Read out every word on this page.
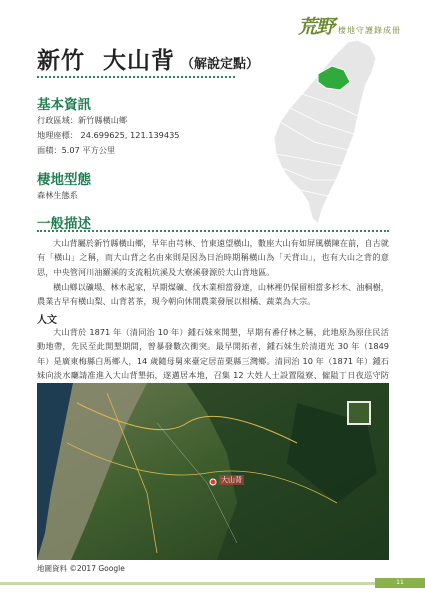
荒野 棲地守護錄成冊
新竹  大山背 （解說定點）
基本資訊
行政區域：新竹縣橫山鄉
地理座標： 24.699625, 121.139435
面積：5.07 平方公里
棲地型態
森林生態系
一般描述
大山背屬於新竹縣橫山鄉，早年由芎林、竹東遠望橫山，數座大山有如屏風橫陳在前，自古就有「橫山」之稱，而大山背之名由來則是因為日治時期稱橫山為「天背山」，也有大山之背的意思，中央管河川油羅溪的支流粗坑溪及大寮溪發源於大山背地區。
橫山鄉以礦場、林木起家，早期煤礦、伐木業相當發達，山林裡仍保留相當多杉木、油桐樹，農業古早有橫山梨、山背茗茶，現今朝向休閒農業發展以柑橘、蔬菜為大宗。
人文
大山背於 1871 年（清同治 10 年）鍾石妹來開墾，早期有番仔林之稱，此地原為原住民活動地帶，先民至此開墾期間，曾暴發數次衝突。最早開拓者，鍾石妹生於清道光 30 年（1849 年）是廣東梅縣白馬鄉人，14 歲隨母舅來臺定居苗栗縣三灣鄉。清同治 10 年（1871 年）鍾石妹向淡水廳請准進入大山背墾拓，遂邁居本地，召集 12 大姓人士設置隘寮、僱隘丁日夜巡守防
大山背
地圖資料 ©2017 Google
11
